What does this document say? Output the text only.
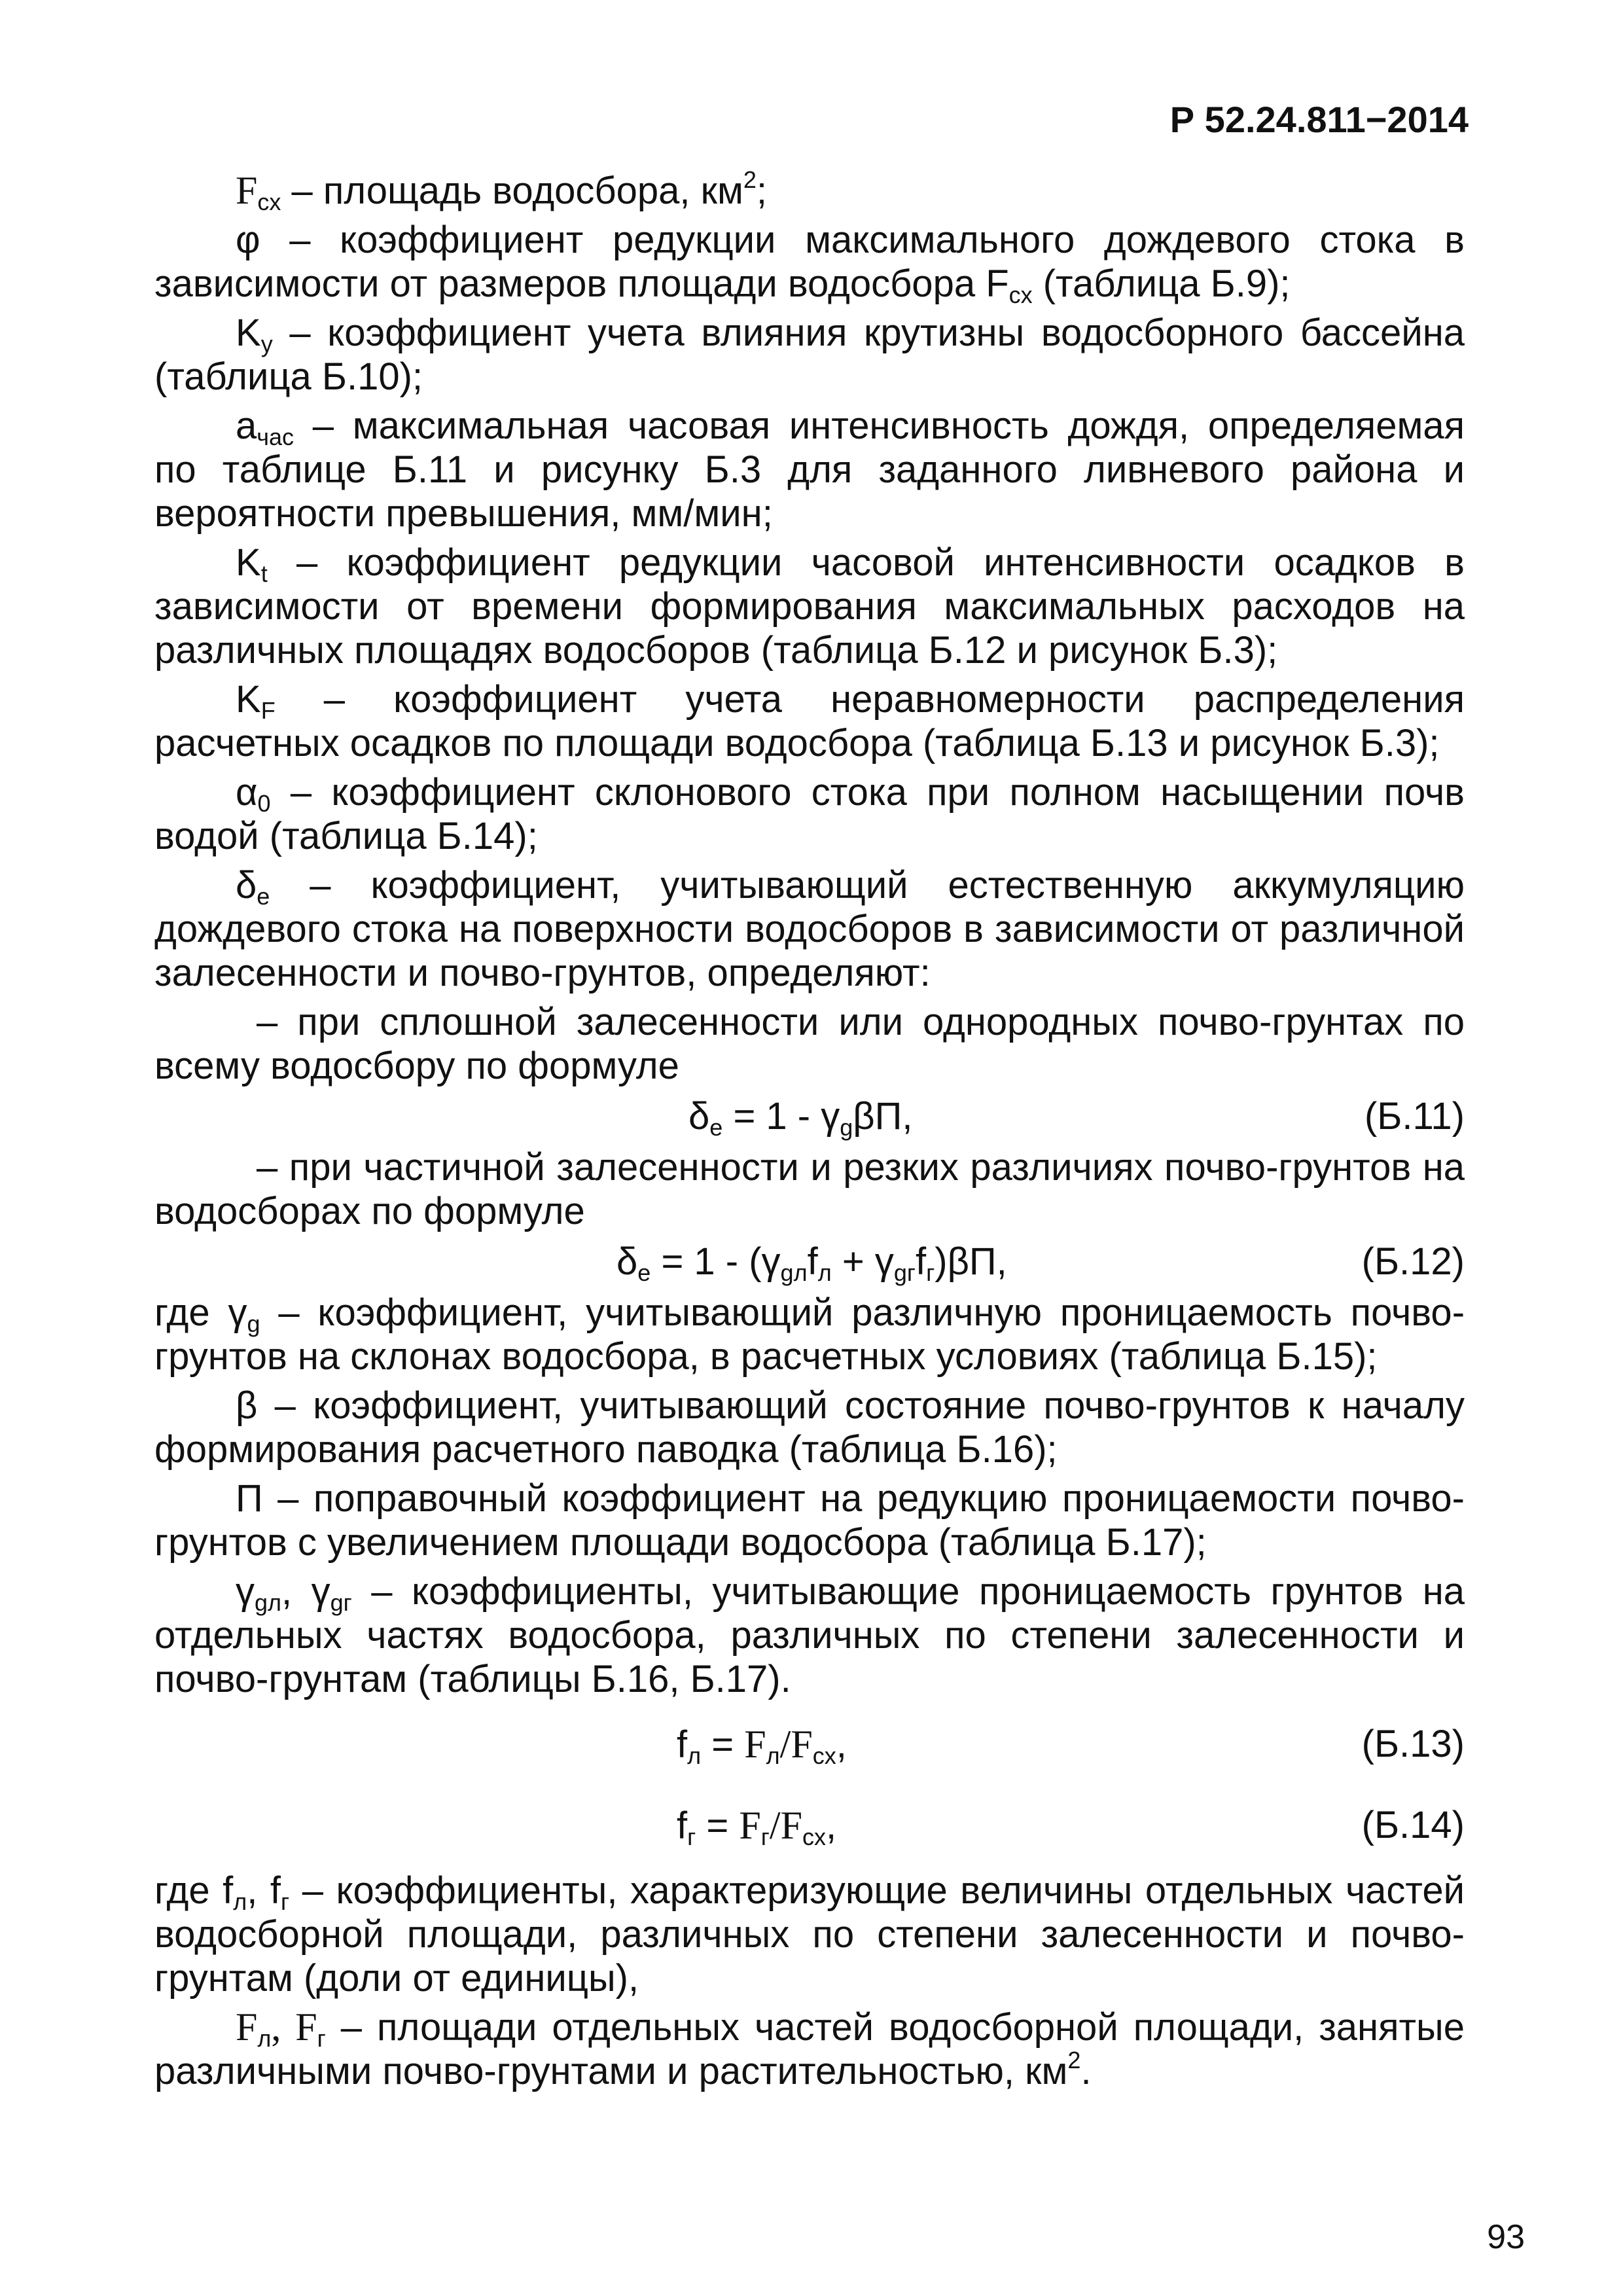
Р 52.24.811−2014

$F_{сх}$ – площадь водосбора, $км^2$;

φ – коэффициент редукции максимального дождевого стока в зависимости от размеров площади водосбора $F_{сх}$ (таблица Б.9);

$K_у$ – коэффициент учета влияния крутизны водосборного бассейна (таблица Б.10);

$a_{час}$ – максимальная часовая интенсивность дождя, определяемая по таблице Б.11 и рисунку Б.3 для заданного ливневого района и вероятности превышения, мм/мин;

$K_t$ – коэффициент редукции часовой интенсивности осадков в зависимости от времени формирования максимальных расходов на различных площадях водосборов (таблица Б.12 и рисунок Б.3);

$K_F$ – коэффициент учета неравномерности распределения расчетных осадков по площади водосбора (таблица Б.13 и рисунок Б.3);

$\alpha_0$ – коэффициент склонового стока при полном насыщении почв водой (таблица Б.14);

$\delta_е$ – коэффициент, учитывающий естественную аккумуляцию дождевого стока на поверхности водосборов в зависимости от различной залесенности и почво-грунтов, определяют:

– при сплошной залесенности или однородных почво-грунтах по всему водосбору по формуле

$\delta_е = 1 - \gamma_g\beta П$,	(Б.11)

– при частичной залесенности и резких различиях почво-грунтов на водосборах по формуле

$\delta_е = 1 - (\gamma_{gл}f_л + \gamma_{gг}f_г)\beta П$,	(Б.12)

где $\gamma_g$ – коэффициент, учитывающий различную проницаемость почво-грунтов на склонах водосбора, в расчетных условиях (таблица Б.15);

β – коэффициент, учитывающий состояние почво-грунтов к началу формирования расчетного паводка (таблица Б.16);

П – поправочный коэффициент на редукцию проницаемости почво-грунтов с увеличением площади водосбора (таблица Б.17);

$\gamma_{gл}$, $\gamma_{gг}$ – коэффициенты, учитывающие проницаемость грунтов на отдельных частях водосбора, различных по степени залесенности и почво-грунтам (таблицы Б.16, Б.17).

$f_л = F_л/F_{сх}$,	(Б.13)
$f_г = F_г/F_{сх}$,	(Б.14)

где $f_л$, $f_г$ – коэффициенты, характеризующие величины отдельных частей водосборной площади, различных по степени залесенности и почво-грунтам (доли от единицы),

$F_л$, $F_г$ – площади отдельных частей водосборной площади, занятые различными почво-грунтами и растительностью, $км^2$.

93
